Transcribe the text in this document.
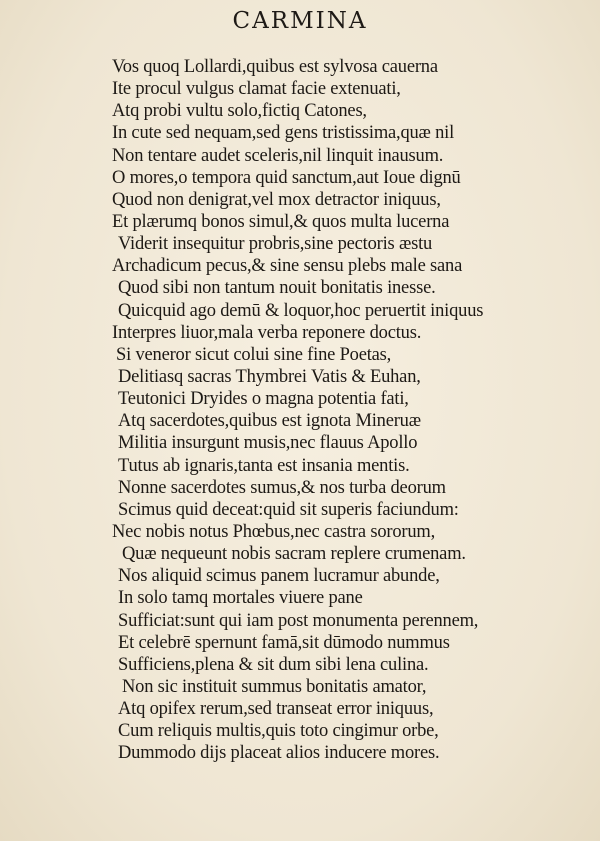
CARMINA
Vos quoq Lollardi,quibus est sylvosa cauerna
Ite procul vulgus clamat facie extenuati,
Atq probi vultu solo,fictiq Catones,
In cute sed nequam,sed gens tristissima,quæ nil
Non tentare audet sceleris,nil linquit inausum.
O mores,o tempora quid sanctum,aut Ioue dignū
Quod non denigrat,vel mox detractor iniquus,
Et plærumq bonos simul,& quos multa lucerna
Viderit insequitur probris,sine pectoris æstu
Archadicum pecus,& sine sensu plebs male sana
Quod sibi non tantum nouit bonitatis inesse.
Quicquid ago demū & loquor,hoc peruertit iniquus
Interpres liuor,mala verba reponere doctus.
Si veneror sicut colui sine fine Poetas,
Delitiasq sacras Thymbrei Vatis & Euhan,
Teutonici Dryides o magna potentia fati,
Atq sacerdotes,quibus est ignota Mineruæ
Militia insurgunt musis,nec flauus Apollo
Tutus ab ignaris,tanta est insania mentis.
Nonne sacerdotes sumus,& nos turba deorum
Scimus quid deceat:quid sit superis faciundum:
Nec nobis notus Phœbus,nec castra sororum,
Quæ nequeunt nobis sacram replere crumenam.
Nos aliquid scimus panem lucramur abunde,
In solo tamq mortales viuere pane
Sufficiat:sunt qui iam post monumenta perennem,
Et celebrē spernunt famā,sit dūmodo nummus
Sufficiens,plena & sit dum sibi lena culina.
Non sic instituit summus bonitatis amator,
Atq opifex rerum,sed transeat error iniquus,
Cum reliquis multis,quis toto cingimur orbe,
Dummodo dijs placeat alios inducere mores.
